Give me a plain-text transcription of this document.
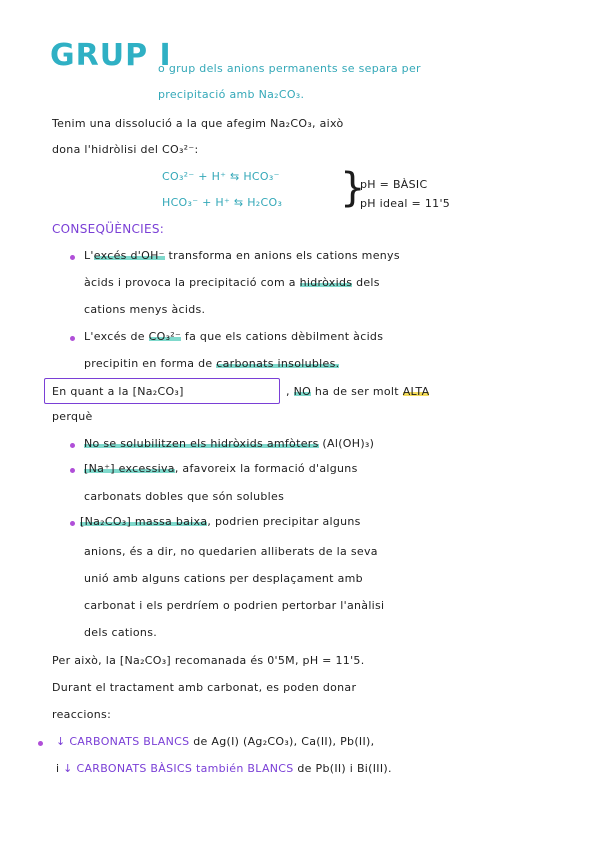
GRUP I
o grup dels anions permanents se separa per
precipitació amb Na₂CO₃.
Tenim una dissolució a la que afegim Na₂CO₃, això
dona l'hidròlisi del CO₃²⁻:
CO₃²⁻ + H⁺ ⇆ HCO₃⁻
HCO₃⁻ + H⁺ ⇆ H₂CO₃ }
pH = BÀSIC
pH ideal = 11'5
CONSEQÜÈNCIES:
L'excés d'OH⁻ transforma en anions els cations menys
àcids i provoca la precipitació com a hidròxids dels
cations menys àcids.
L'excés de CO₃²⁻ fa que els cations dèbilment àcids
precipitin en forma de carbonats insolubles.
En quant a la [Na₂CO₃]	, NO ha de ser molt ALTA
perquè
No se solubilitzen els hidròxids amfòters (Al(OH)₃)
[Na⁺] excessiva, afavoreix la formació d'alguns
carbonats dobles que són solubles
[Na₂CO₃] massa baixa, podrien precipitar alguns
anions, és a dir, no quedarien alliberats de la seva
unió amb alguns cations per desplaçament amb
carbonat i els perdríem o podrien pertorbar l'anàlisi
dels cations.
Per això, la [Na₂CO₃] recomanada és 0'5M, pH = 11'5.
Durant el tractament amb carbonat, es poden donar
reaccions:
↓ CARBONATS BLANCS de Ag(I) (Ag₂CO₃), Ca(II), Pb(II),
i ↓ CARBONATS BÀSICS también BLANCS de Pb(II) i Bi(III).
